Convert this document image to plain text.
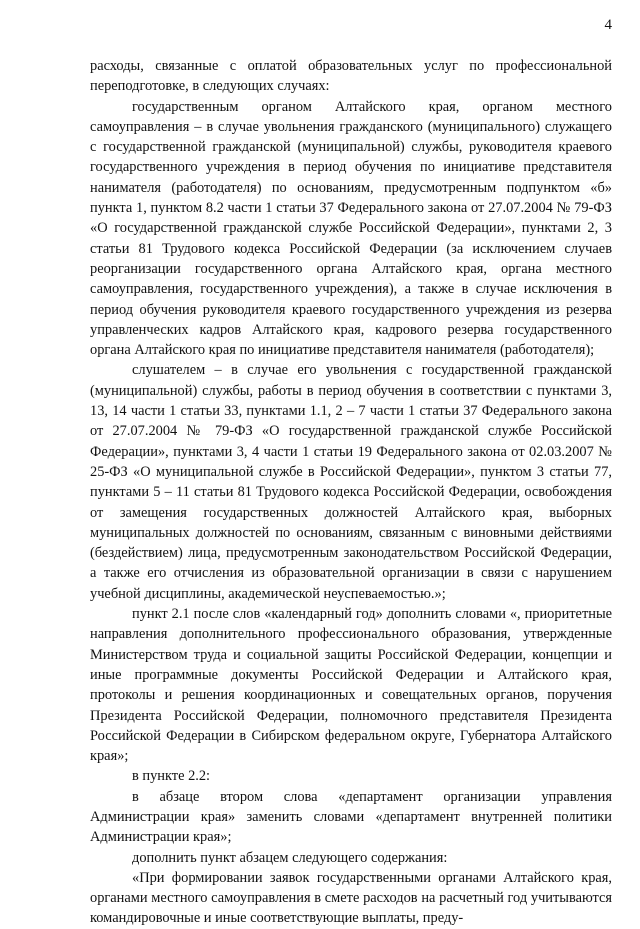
4

расходы, связанные с оплатой образовательных услуг по профессиональной переподготовке, в следующих случаях:

государственным органом Алтайского края, органом местного самоуправления – в случае увольнения гражданского (муниципального) служащего с государственной гражданской (муниципальной) службы, руководителя краевого государственного учреждения в период обучения по инициативе представителя нанимателя (работодателя) по основаниям, предусмотренным подпунктом «б» пункта 1, пунктом 8.2 части 1 статьи 37 Федерального закона от 27.07.2004 № 79-ФЗ «О государственной гражданской службе Российской Федерации», пунктами 2, 3 статьи 81 Трудового кодекса Российской Федерации (за исключением случаев реорганизации государственного органа Алтайского края, органа местного самоуправления, государственного учреждения), а также в случае исключения в период обучения руководителя краевого государственного учреждения из резерва управленческих кадров Алтайского края, кадрового резерва государственного органа Алтайского края по инициативе представителя нанимателя (работодателя);

слушателем – в случае его увольнения с государственной гражданской (муниципальной) службы, работы в период обучения в соответствии с пунктами 3, 13, 14 части 1 статьи 33, пунктами 1.1, 2 – 7 части 1 статьи 37 Федерального закона от 27.07.2004 № 79-ФЗ «О государственной гражданской службе Российской Федерации», пунктами 3, 4 части 1 статьи 19 Федерального закона от 02.03.2007 № 25-ФЗ «О муниципальной службе в Российской Федерации», пунктом 3 статьи 77, пунктами 5 – 11 статьи 81 Трудового кодекса Российской Федерации, освобождения от замещения государственных должностей Алтайского края, выборных муниципальных должностей по основаниям, связанным с виновными действиями (бездействием) лица, предусмотренным законодательством Российской Федерации, а также его отчисления из образовательной организации в связи с нарушением учебной дисциплины, академической неуспеваемостью.»;

пункт 2.1 после слов «календарный год» дополнить словами «, приоритетные направления дополнительного профессионального образования, утвержденные Министерством труда и социальной защиты Российской Федерации, концепции и иные программные документы Российской Федерации и Алтайского края, протоколы и решения координационных и совещательных органов, поручения Президента Российской Федерации, полномочного представителя Президента Российской Федерации в Сибирском федеральном округе, Губернатора Алтайского края»;

в пункте 2.2:

в абзаце втором слова «департамент организации управления Администрации края» заменить словами «департамент внутренней политики Администрации края»;

дополнить пункт абзацем следующего содержания:

«При формировании заявок государственными органами Алтайского края, органами местного самоуправления в смете расходов на расчетный год учитываются командировочные и иные соответствующие выплаты, преду-
